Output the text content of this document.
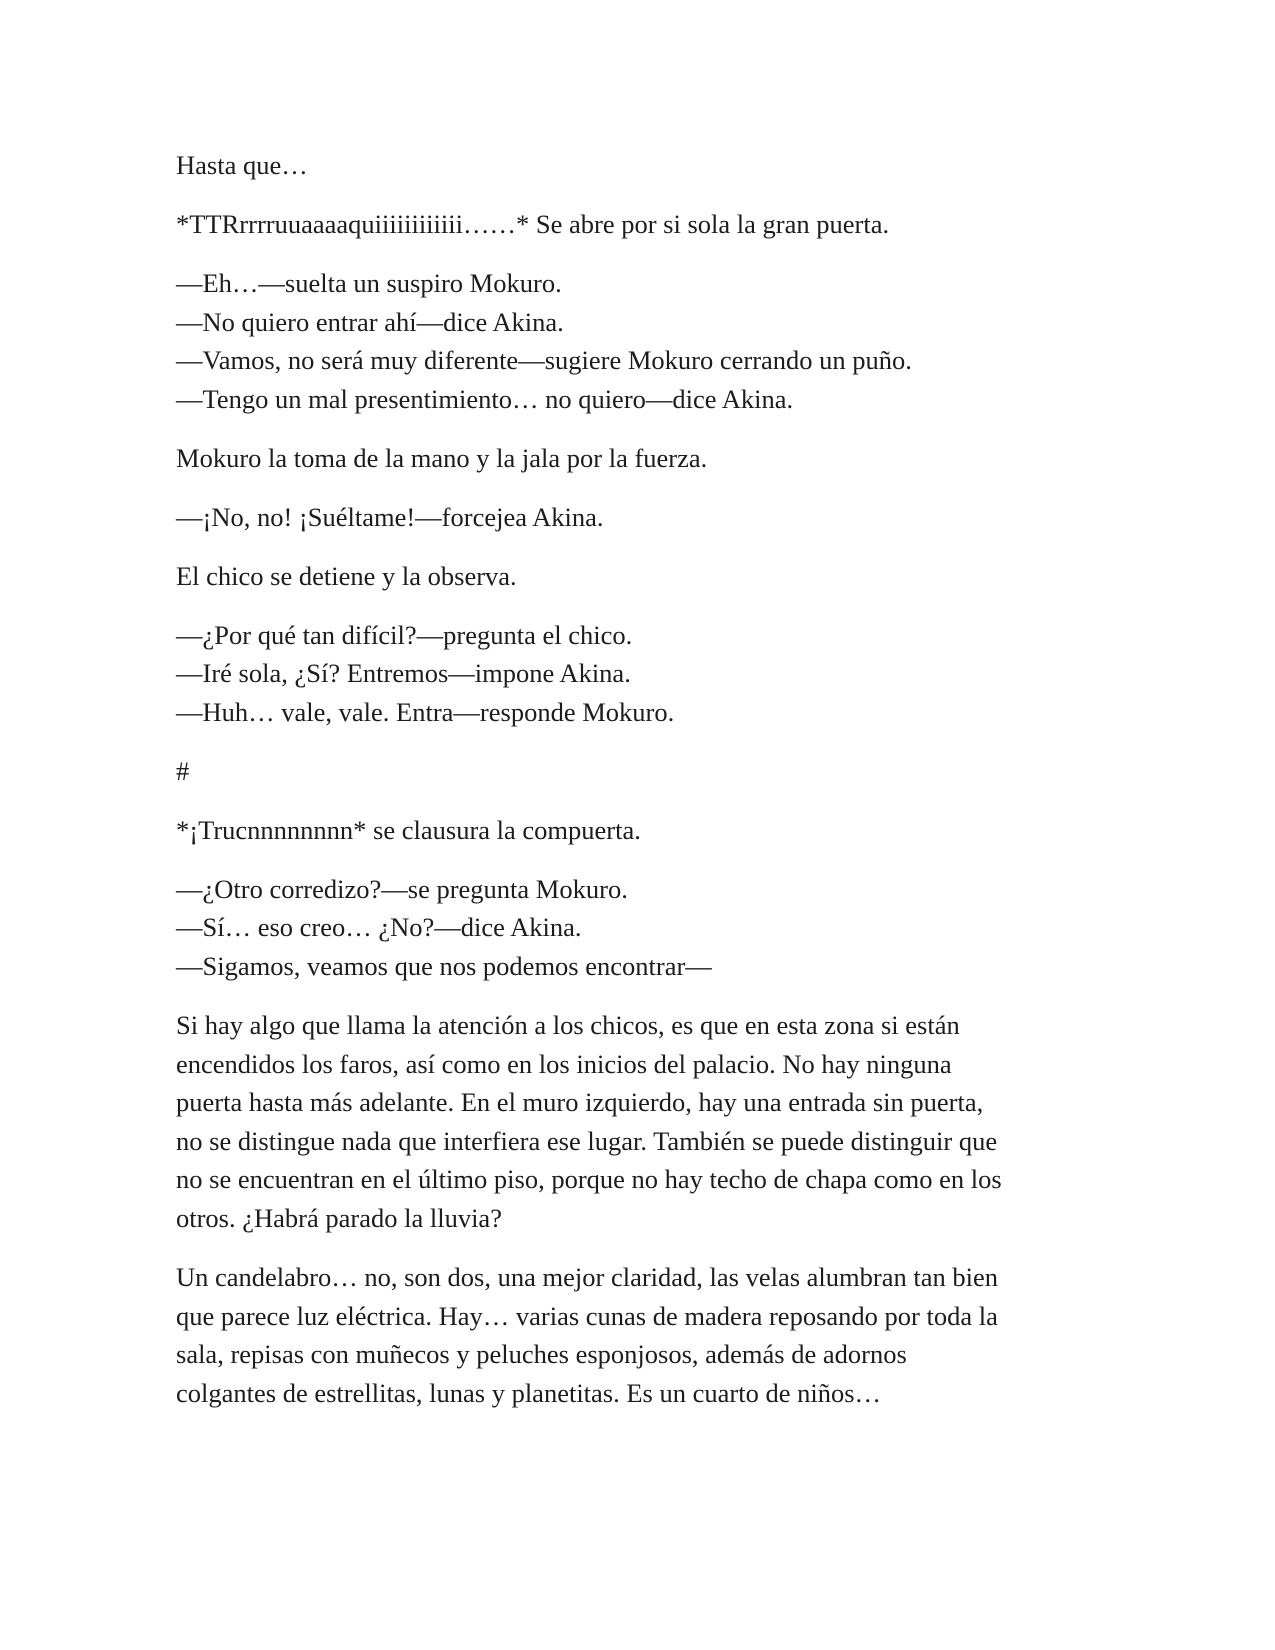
Hasta que…

*TTRrrrruuaaaaquiiiiiiiiiiii……* Se abre por si sola la gran puerta.

—Eh…—suelta un suspiro Mokuro.
—No quiero entrar ahí—dice Akina.
—Vamos, no será muy diferente—sugiere Mokuro cerrando un puño.
—Tengo un mal presentimiento… no quiero—dice Akina.

Mokuro la toma de la mano y la jala por la fuerza.

—¡No, no! ¡Suéltame!—forcejea Akina.

El chico se detiene y la observa.

—¿Por qué tan difícil?—pregunta el chico.
—Iré sola, ¿Sí? Entremos—impone Akina.
—Huh… vale, vale. Entra—responde Mokuro.

#

*¡Trucnnnnnnnn* se clausura la compuerta.

—¿Otro corredizo?—se pregunta Mokuro.
—Sí… eso creo… ¿No?—dice Akina.
—Sigamos, veamos que nos podemos encontrar—

Si hay algo que llama la atención a los chicos, es que en esta zona si están
encendidos los faros, así como en los inicios del palacio. No hay ninguna
puerta hasta más adelante. En el muro izquierdo, hay una entrada sin puerta,
no se distingue nada que interfiera ese lugar. También se puede distinguir que
no se encuentran en el último piso, porque no hay techo de chapa como en los
otros. ¿Habrá parado la lluvia?

Un candelabro… no, son dos, una mejor claridad, las velas alumbran tan bien
que parece luz eléctrica. Hay… varias cunas de madera reposando por toda la
sala, repisas con muñecos y peluches esponjosos, además de adornos
colgantes de estrellitas, lunas y planetitas. Es un cuarto de niños…
